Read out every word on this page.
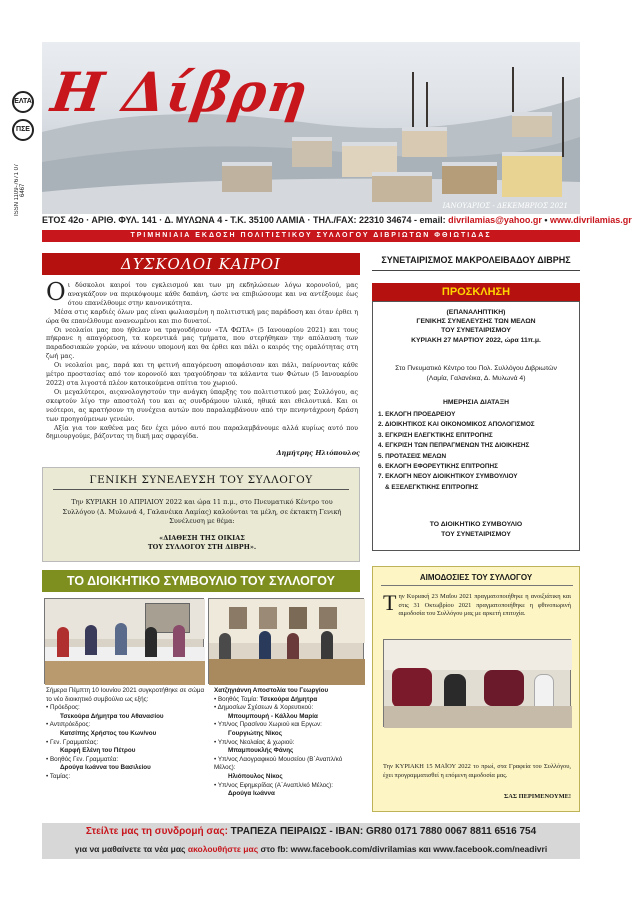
Η Δίβρη
ΙΑΝΟΥΑΡΙΟΣ - ΔΕΚΕΜΒΡΙΟΣ 2021
ΕΛΤΑ
ΠΣΕ
ISSN 1109-7671 07 6467
ΕΤΟΣ 42ο · ΑΡΙΘ. ΦΥΛ. 141 · Δ. ΜΥΛΩΝΑ 4 - Τ.Κ. 35100 ΛΑΜΙΑ · ΤΗΛ./FAX: 22310 34674 - email: divrilamias@yahoo.gr • www.divrilamias.gr
ΤΡΙΜΗΝΙΑΙΑ ΕΚΔΟΣΗ ΠΟΛΙΤΙΣΤΙΚΟΥ ΣΥΛΛΟΓΟΥ ΔΙΒΡΙΩΤΩΝ ΦΘΙΩΤΙΔΑΣ
ΔΥΣΚΟΛΟΙ ΚΑΙΡΟΙ

Οι δύσκολοι καιροί του εγκλεισμού και των μη εκδηλώσεων λόγω κορονοϊού, μας αναγκάζουν να περικόψουμε κάθε δαπάνη, ώστε να επιβιώσουμε και να αντέξουμε έως ότου επανέλθουμε στην κανονικότητα.

Μέσα στις καρδιές όλων μας είναι φωλιασμένη η πολιτιστική μας παράδοση και όταν έρθει η ώρα θα επανέλθουμε ανανεωμένοι και πιο δυνατοί.

Οι νεολαίοι μας που ήθελαν να τραγουδήσουν «ΤΑ ΦΩΤΑ» (5 Ιανουαρίου 2021) και τους πήκρανε η απαγόρευση, τα κορεντικά μας τμήματα, που στερήθηκαν την απόλαυση των παραδοσιακών χορών, να κάνουν υπομονή και θα έρθει και πάλι ο καιρός της ομαλότητας στη ζωή μας.

Οι νεολαίοι μας, παρά και τη φετινή απαγόρευση αποφάσισαν και πάλι, παίρνοντας κάθε μέτρο προστασίας από τον κορονοϊό και τραγούδησαν τα κάλαντα των Φώτων (5 Ιανουαρίου 2022) στα λιγοστά πλέον κατοικούμενα σπίτια του χωριού.

Οι μεγαλύτεροι, αιςανολογηστούν την ανάγκη ύπαρξης του πολιτιστικού μας Συλλόγου, ας σκεφτούν λίγο την αποστολή του και ας συνδράμουν υλικά, ηθικά και εθελοντικά. Και οι νεότεροι, ας κρατήσουν τη συνέχεια αυτών που παραλαμβάνουν από την πενηντάχρονη δράση των προηγούμενων γενεών.

Αξία για τον καθένα μας δεν έχει μόνο αυτό που παραλαμβάνουμε αλλά κυρίως αυτό που δημιουργούμε, βάζοντας τη δική μας σφραγίδα.

Δημήτρης Ηλιόπουλος
ΓΕΝΙΚΗ ΣΥΝΕΛΕΥΣΗ ΤΟΥ ΣΥΛΛΟΓΟΥ
Την ΚΥΡΙΑΚΗ 10 ΑΠΡΙΛΙΟΥ 2022 και ώρα 11 π.μ., στο Πνευματικό Κέντρο του Συλλόγου (Δ. Μυλωνά 4, Γαλανέικα Λαμίας) καλούνται τα μέλη, σε έκτακτη Γενική Συνέλευση με θέμα:
«ΔΙΑΘΕΣΗ ΤΗΣ ΟΙΚΙΑΣ
ΤΟΥ ΣΥΛΛΟΓΟΥ ΣΤΗ ΔΙΒΡΗ».
ΤΟ ΔΙΟΙΚΗΤΙΚΟ ΣΥΜΒΟΥΛΙΟ ΤΟΥ ΣΥΛΛΟΓΟΥ
Σήμερα Πέμπτη 10 Ιουνίου 2021 συγκροτήθηκε σε σώμα το νέο διοικητικό συμβούλιο ως εξής:
• Πρόεδρος:
Τσεκούρα Δήμητρα του Αθανασίου
• Αντιπρόεδρος:
Κατσίπης Χρήστος του Κων/νου
• Γεν. Γραμματέας:
Καρφή Ελένη του Πέτρου
• Βοηθός Γεν. Γραμματέα:
Δρούγα Ιωάννα του Βασιλείου
• Ταμίας:
Χατζηγιάννη Αποστολία του Γεωργίου
• Βοηθός Ταμία: Τσεκούρα Δήμητρα
• Δημοσίων Σχέσεων & Χορευτικού:
Μπουμπουρή - Κάλλου Μαρία
• Υπ/νος Πρασίνου Χωριού και Εργων:
Γουργιώτης Νίκος
• Υπ/νος Νεολαίας & χωριού:
Μπαμπουκλής Φάνης
• Υπ/νος Λαογραφικού Μουσείου (Β΄Αναπλ/κό Μέλος):
Ηλιόπουλος Νίκος
• Υπ/νος Εφημερίδας (Α΄Αναπλ/κό Μέλος):
Δρούγα Ιωάννα
ΣΥΝΕΤΑΙΡΙΣΜΟΣ ΜΑΚΡΟΛΕΙΒΑΔΟΥ ΔΙΒΡΗΣ
ΠΡΟΣΚΛΗΣΗ
(ΕΠΑΝΑΛΗΠΤΙΚΗ)
ΓΕΝΙΚΗΣ ΣΥΝΕΛΕΥΣΗΣ ΤΩΝ ΜΕΛΩΝ
ΤΟΥ ΣΥΝΕΤΑΙΡΙΣΜΟΥ
ΚΥΡΙΑΚΗ 27 ΜΑΡΤΙΟΥ 2022, ώρα 11π.μ.
Στο Πνευματικό Κέντρο του Πολ. Συλλόγου Διβριωτών
(Λαμία, Γαλανέικα, Δ. Μυλωνά 4)
ΗΜΕΡΗΣΙΑ ΔΙΑΤΑΞΗ
1. ΕΚΛΟΓΗ ΠΡΟΕΔΡΕΙΟΥ
2. ΔΙΟΙΚΗΤΙΚΟΣ ΚΑΙ ΟΙΚΟΝΟΜΙΚΟΣ ΑΠΟΛΟΓΙΣΜΟΣ
3. ΕΓΚΡΙΣΗ ΕΛΕΓΚΤΙΚΗΣ ΕΠΙΤΡΟΠΗΣ
4. ΕΓΚΡΙΣΗ ΤΩΝ ΠΕΠΡΑΓΜΕΝΩΝ ΤΗΣ ΔΙΟΙΚΗΣΗΣ
5. ΠΡΟΤΑΣΕΙΣ ΜΕΛΩΝ
6. ΕΚΛΟΓΗ ΕΦΟΡΕΥΤΙΚΗΣ ΕΠΙΤΡΟΠΗΣ
7. ΕΚΛΟΓΗ ΝΕΟΥ ΔΙΟΙΚΗΤΙΚΟΥ ΣΥΜΒΟΥΛΙΟΥ
& ΕΞΕΛΕΓΚΤΙΚΗΣ ΕΠΙΤΡΟΠΗΣ
ΤΟ ΔΙΟΙΚΗΤΙΚΟ ΣΥΜΒΟΥΛΙΟ
ΤΟΥ ΣΥΝΕΤΑΙΡΙΣΜΟΥ
ΑΙΜΟΔΟΣΙΕΣ ΤΟΥ ΣΥΛΛΟΓΟΥ
Την Κυριακή 23 Μαΐου 2021 πραγματοποιήθηκε η ανοιξιάτικη και στις 31 Οκτωβρίου 2021 πραγματοποιήθηκε η φθινοπωρινή αιμοδοσία του Συλλόγου μας με αρκετή επιτυχία.
Την ΚΥΡΙΑΚΗ 15 ΜΑΪΟΥ 2022 το πρωί, στα Γραφεία του Συλλόγου, έχει προγραμματισθεί η επόμενη αιμοδοσία μας.
ΣΑΣ ΠΕΡΙΜΕΝΟΥΜΕ!
Στείλτε μας τη συνδρομή σας: ΤΡΑΠΕΖΑ ΠΕΙΡΑΙΩΣ - IBAN: GR80 0171 7880 0067 8811 6516 754
για να μαθαίνετε τα νέα μας ακολουθήστε μας στο fb: www.facebook.com/divrilamias και www.facebook.com/neadivri
